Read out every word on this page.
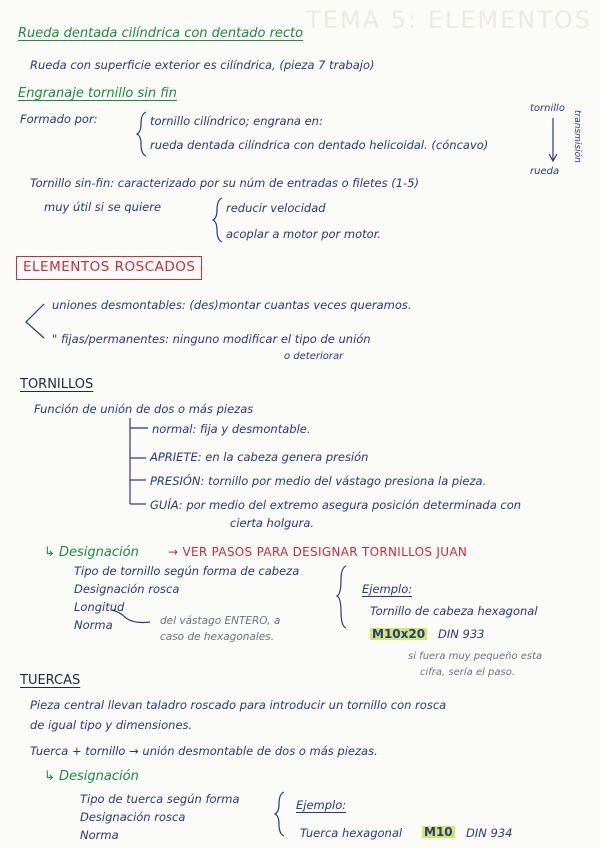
TEMA 5: ELEMENTOS
Rueda dentada cilíndrica con dentado recto
Rueda con superficie exterior es cilíndrica, (pieza 7 trabajo)
Engranaje tornillo sin fin
Formado por:	tornillo cilíndrico; engrana en:
rueda dentada cilíndrica con dentado helicoidal. (cóncavo)
tornillo
transmisión
rueda
Tornillo sin-fin: caracterizado por su núm de entradas o filetes (1-5)
muy útil si se quiere	reducir velocidad
acoplar a motor por motor.
ELEMENTOS ROSCADOS
uniones desmontables: (des)montar cuantas veces queramos.
" fijas/permanentes: ninguno modificar el tipo de unión
o deteriorar
TORNILLOS
Función de unión de dos o más piezas
normal: fija y desmontable.
APRIETE: en la cabeza genera presión
PRESIÓN: tornillo por medio del vástago presiona la pieza.
GUÍA: por medio del extremo asegura posición determinada con
cierta holgura.
↳ Designación → VER PASOS PARA DESIGNAR TORNILLOS JUAN
Tipo de tornillo según forma de cabeza
Designación rosca
Longitud
Norma	del vástago ENTERO, a
caso de hexagonales.
Ejemplo:
Tornillo de cabeza hexagonal
M10x20 DIN 933
si fuera muy pequeño esta
cifra, sería el paso.
TUERCAS
Pieza central llevan taladro roscado para introducir un tornillo con rosca
de igual tipo y dimensiones.
Tuerca + tornillo → unión desmontable de dos o más piezas.
↳ Designación
Tipo de tuerca según forma
Designación rosca
Norma
Ejemplo:
Tuerca hexagonal M10 DIN 934
